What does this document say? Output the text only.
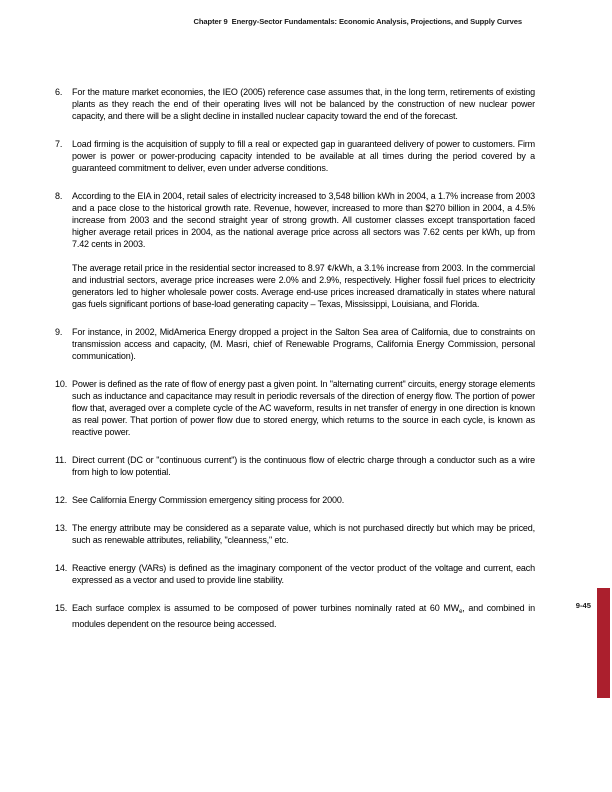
Chapter 9  Energy-Sector Fundamentals: Economic Analysis, Projections, and Supply Curves
6.	For the mature market economies, the IEO (2005) reference case assumes that, in the long term, retirements of existing plants as they reach the end of their operating lives will not be balanced by the construction of new nuclear power capacity, and there will be a slight decline in installed nuclear capacity toward the end of the forecast.
7.	Load firming is the acquisition of supply to fill a real or expected gap in guaranteed delivery of power to customers. Firm power is power or power-producing capacity intended to be available at all times during the period covered by a guaranteed commitment to deliver, even under adverse conditions.
8.	According to the EIA in 2004, retail sales of electricity increased to 3,548 billion kWh in 2004, a 1.7% increase from 2003 and a pace close to the historical growth rate. Revenue, however, increased to more than $270 billion in 2004, a 4.5% increase from 2003 and the second straight year of strong growth. All customer classes except transportation faced higher average retail prices in 2004, as the national average price across all sectors was 7.62 cents per kWh, up from 7.42 cents in 2003.
The average retail price in the residential sector increased to 8.97 ¢/kWh, a 3.1% increase from 2003. In the commercial and industrial sectors, average price increases were 2.0% and 2.9%, respectively. Higher fossil fuel prices to electricity generators led to higher wholesale power costs. Average end-use prices increased dramatically in states where natural gas fuels significant portions of base-load generating capacity – Texas, Mississippi, Louisiana, and Florida.
9.	For instance, in 2002, MidAmerica Energy dropped a project in the Salton Sea area of California, due to constraints on transmission access and capacity, (M. Masri, chief of Renewable Programs, California Energy Commission, personal communication).
10. Power is defined as the rate of flow of energy past a given point. In "alternating current" circuits, energy storage elements such as inductance and capacitance may result in periodic reversals of the direction of energy flow. The portion of power flow that, averaged over a complete cycle of the AC waveform, results in net transfer of energy in one direction is known as real power. That portion of power flow due to stored energy, which returns to the source in each cycle, is known as reactive power.
11. Direct current (DC or "continuous current") is the continuous flow of electric charge through a conductor such as a wire from high to low potential.
12. See California Energy Commission emergency siting process for 2000.
13. The energy attribute may be considered as a separate value, which is not purchased directly but which may be priced, such as renewable attributes, reliability, "cleanness," etc.
14. Reactive energy (VARs) is defined as the imaginary component of the vector product of the voltage and current, each expressed as a vector and used to provide line stability.
15. Each surface complex is assumed to be composed of power turbines nominally rated at 60 $MW_e$, and combined in modules dependent on the resource being accessed.
9-45
